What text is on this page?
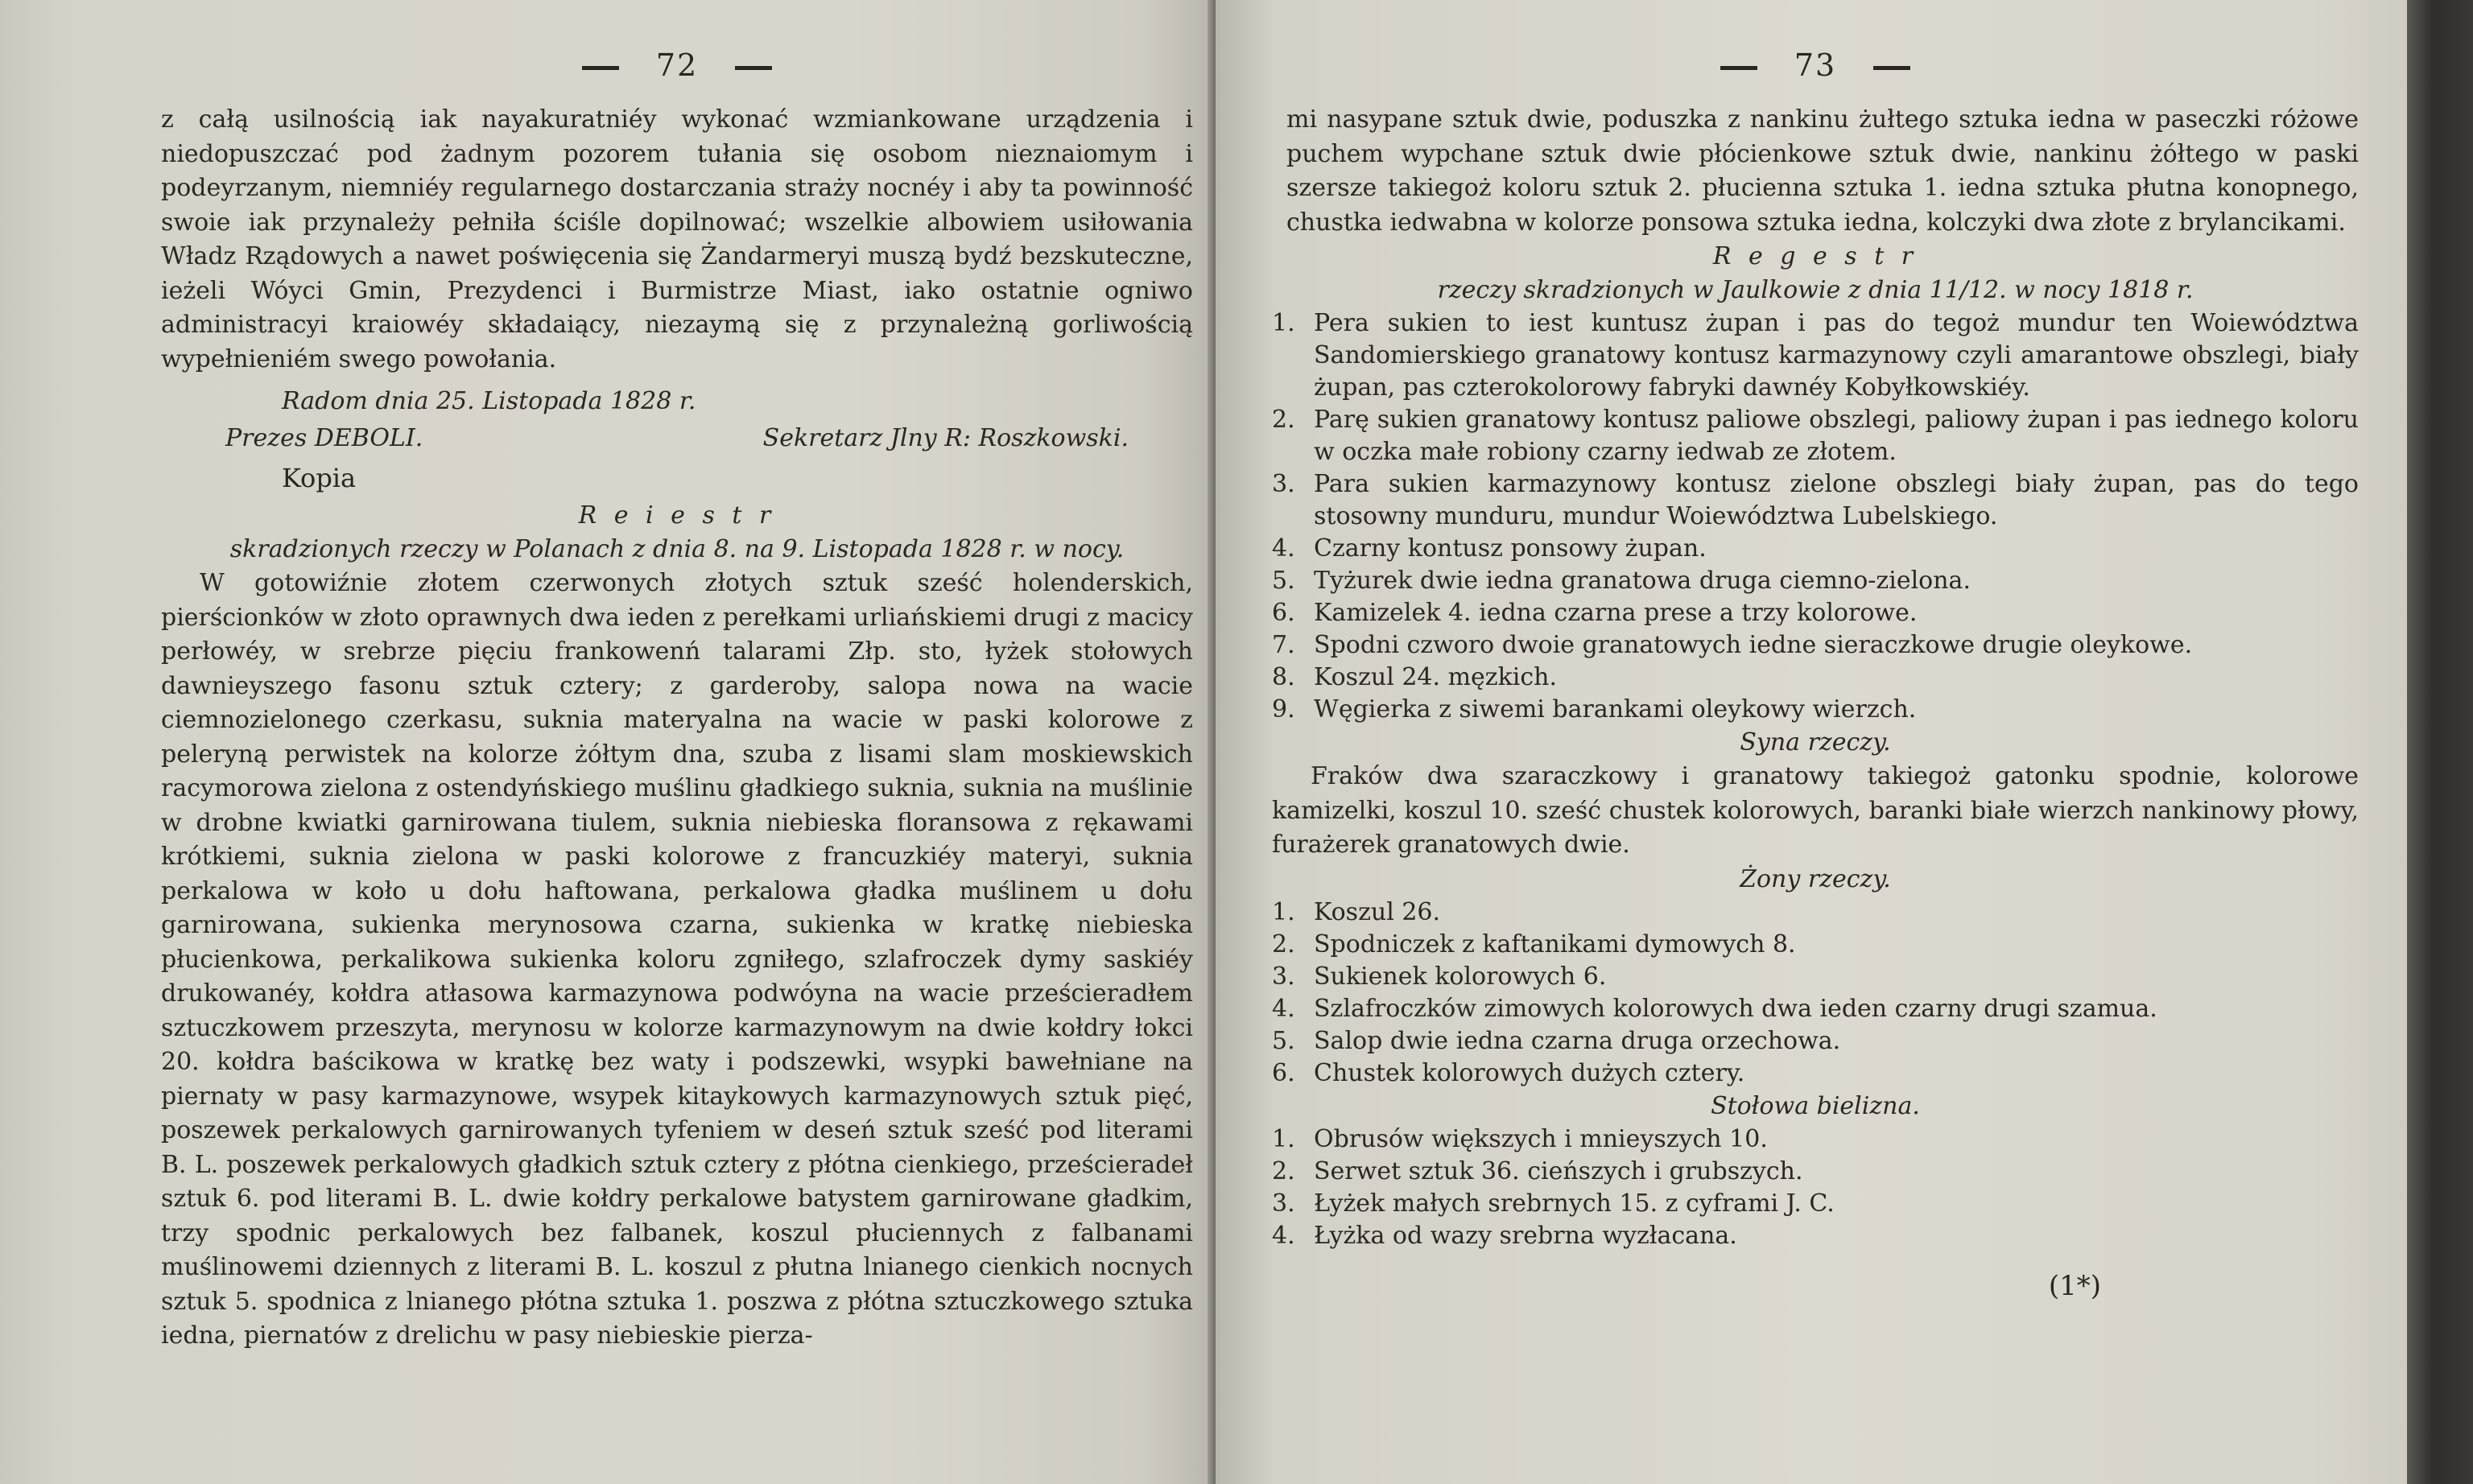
72

z całą usilnością iak nayakuratniéy wykonać wzmiankowane urządzenia i niedopuszczać pod żadnym pozorem tułania się osobom nieznaiomym i podeyrzanym, niemniéy regularnego dostarczania straży nocnéy i aby ta powinność swoie iak przynależy pełniła ściśle dopilnować; wszelkie albowiem usiłowania Władz Rządowych a nawet poświęcenia się Żandarmeryi muszą bydź bezskuteczne, ieżeli Wóyci Gmin, Prezydenci i Burmistrze Miast, iako ostatnie ogniwo administracyi kraiowéy składaiący, niezaymą się z przynależną gorliwością wypełnieniém swego powołania.

Radom dnia 25. Listopada 1828 r.
Prezes DEBOLI.	Sekretarz Jlny R: Roszkowski.
Kopia
R e i e s t r
skradzionych rzeczy w Polanach z dnia 8. na 9. Listopada 1828 r. w nocy.

W gotowiźnie złotem czerwonych złotych sztuk sześć holenderskich, pierścionków w złoto oprawnych dwa ieden z perełkami urliańskiemi drugi z macicy perłowéy, w srebrze pięciu frankowenń talarami Złp. sto, łyżek stołowych dawnieyszego fasonu sztuk cztery; z garderoby, salopa nowa na wacie ciemnozielonego czerkasu, suknia materyalna na wacie w paski kolorowe z peleryną perwistek na kolorze żółtym dna, szuba z lisami slam moskiewskich racymorowa zielona z ostendyńskiego muślinu gładkiego suknia, suknia na muślinie w drobne kwiatki garnirowana tiulem, suknia niebieska floransowa z rękawami krótkiemi, suknia zielona w paski kolorowe z francuzkiéy materyi, suknia perkalowa w koło u dołu haftowana, perkalowa gładka muślinem u dołu garnirowana, sukienka merynosowa czarna, sukienka w kratkę niebieska płucienkowa, perkalikowa sukienka koloru zgniłego, szlafroczek dymy saskiéy drukowanéy, kołdra atłasowa karmazynowa podwóyna na wacie prześcieradłem sztuczkowem przeszyta, merynosu w kolorze karmazynowym na dwie kołdry łokci 20. kołdra baścikowa w kratkę bez waty i podszewki, wsypki bawełniane na piernaty w pasy karmazynowe, wsypek kitaykowych karmazynowych sztuk pięć, poszewek perkalowych garnirowanych tyfeniem w deseń sztuk sześć pod literami B. L. poszewek perkalowych gładkich sztuk cztery z płótna cienkiego, prześcieradeł sztuk 6. pod literami B. L. dwie kołdry perkalowe batystem garnirowane gładkim, trzy spodnic perkalowych bez falbanek, koszul płuciennych z falbanami muślinowemi dziennych z literami B. L. koszul z płutna lnianego cienkich nocnych sztuk 5. spodnica z lnianego płótna sztuka 1. poszwa z płótna sztuczkowego sztuka iedna, piernatów z drelichu w pasy niebieskie pierza-

73

mi nasypane sztuk dwie, poduszka z nankinu żułtego sztuka iedna w paseczki różowe puchem wypchane sztuk dwie płócienkowe sztuk dwie, nankinu żółtego w paski szersze takiegoż koloru sztuk 2. płucienna sztuka 1. iedna sztuka płutna konopnego, chustka iedwabna w kolorze ponsowa sztuka iedna, kolczyki dwa złote z brylancikami.

R e g e s t r
rzeczy skradzionych w Jaulkowie z dnia 11/12. w nocy 1818 r.
1. Pera sukien to iest kuntusz żupan i pas do tegoż mundur ten Woiewództwa Sandomierskiego granatowy kontusz karmazynowy czyli amarantowe obszlegi, biały żupan, pas czterokolorowy fabryki dawnéy Kobyłkowskiéy.
2. Parę sukien granatowy kontusz paliowe obszlegi, paliowy żupan i pas iednego koloru w oczka małe robiony czarny iedwab ze złotem.
3. Para sukien karmazynowy kontusz zielone obszlegi biały żupan, pas do tego stosowny munduru, mundur Woiewództwa Lubelskiego.
4. Czarny kontusz ponsowy żupan.
5. Tyżurek dwie iedna granatowa druga ciemno-zielona.
6. Kamizelek 4. iedna czarna prese a trzy kolorowe.
7. Spodni czworo dwoie granatowych iedne sieraczkowe drugie oleykowe.
8. Koszul 24. męzkich.
9. Węgierka z siwemi barankami oleykowy wierzch.
Syna rzeczy.

Fraków dwa szaraczkowy i granatowy takiegoż gatonku spodnie, kolorowe kamizelki, koszul 10. sześć chustek kolorowych, baranki białe wierzch nankinowy płowy, furażerek granatowych dwie.

Żony rzeczy.
1. Koszul 26.
2. Spodniczek z kaftanikami dymowych 8.
3. Sukienek kolorowych 6.
4. Szlafroczków zimowych kolorowych dwa ieden czarny drugi szamua.
5. Salop dwie iedna czarna druga orzechowa.
6. Chustek kolorowych dużych cztery.
Stołowa bielizna.
1. Obrusów większych i mnieyszych 10.
2. Serwet sztuk 36. cieńszych i grubszych.
3. Łyżek małych srebrnych 15. z cyframi J. C.
4. Łyżka od wazy srebrna wyzłacana.
(1*)
